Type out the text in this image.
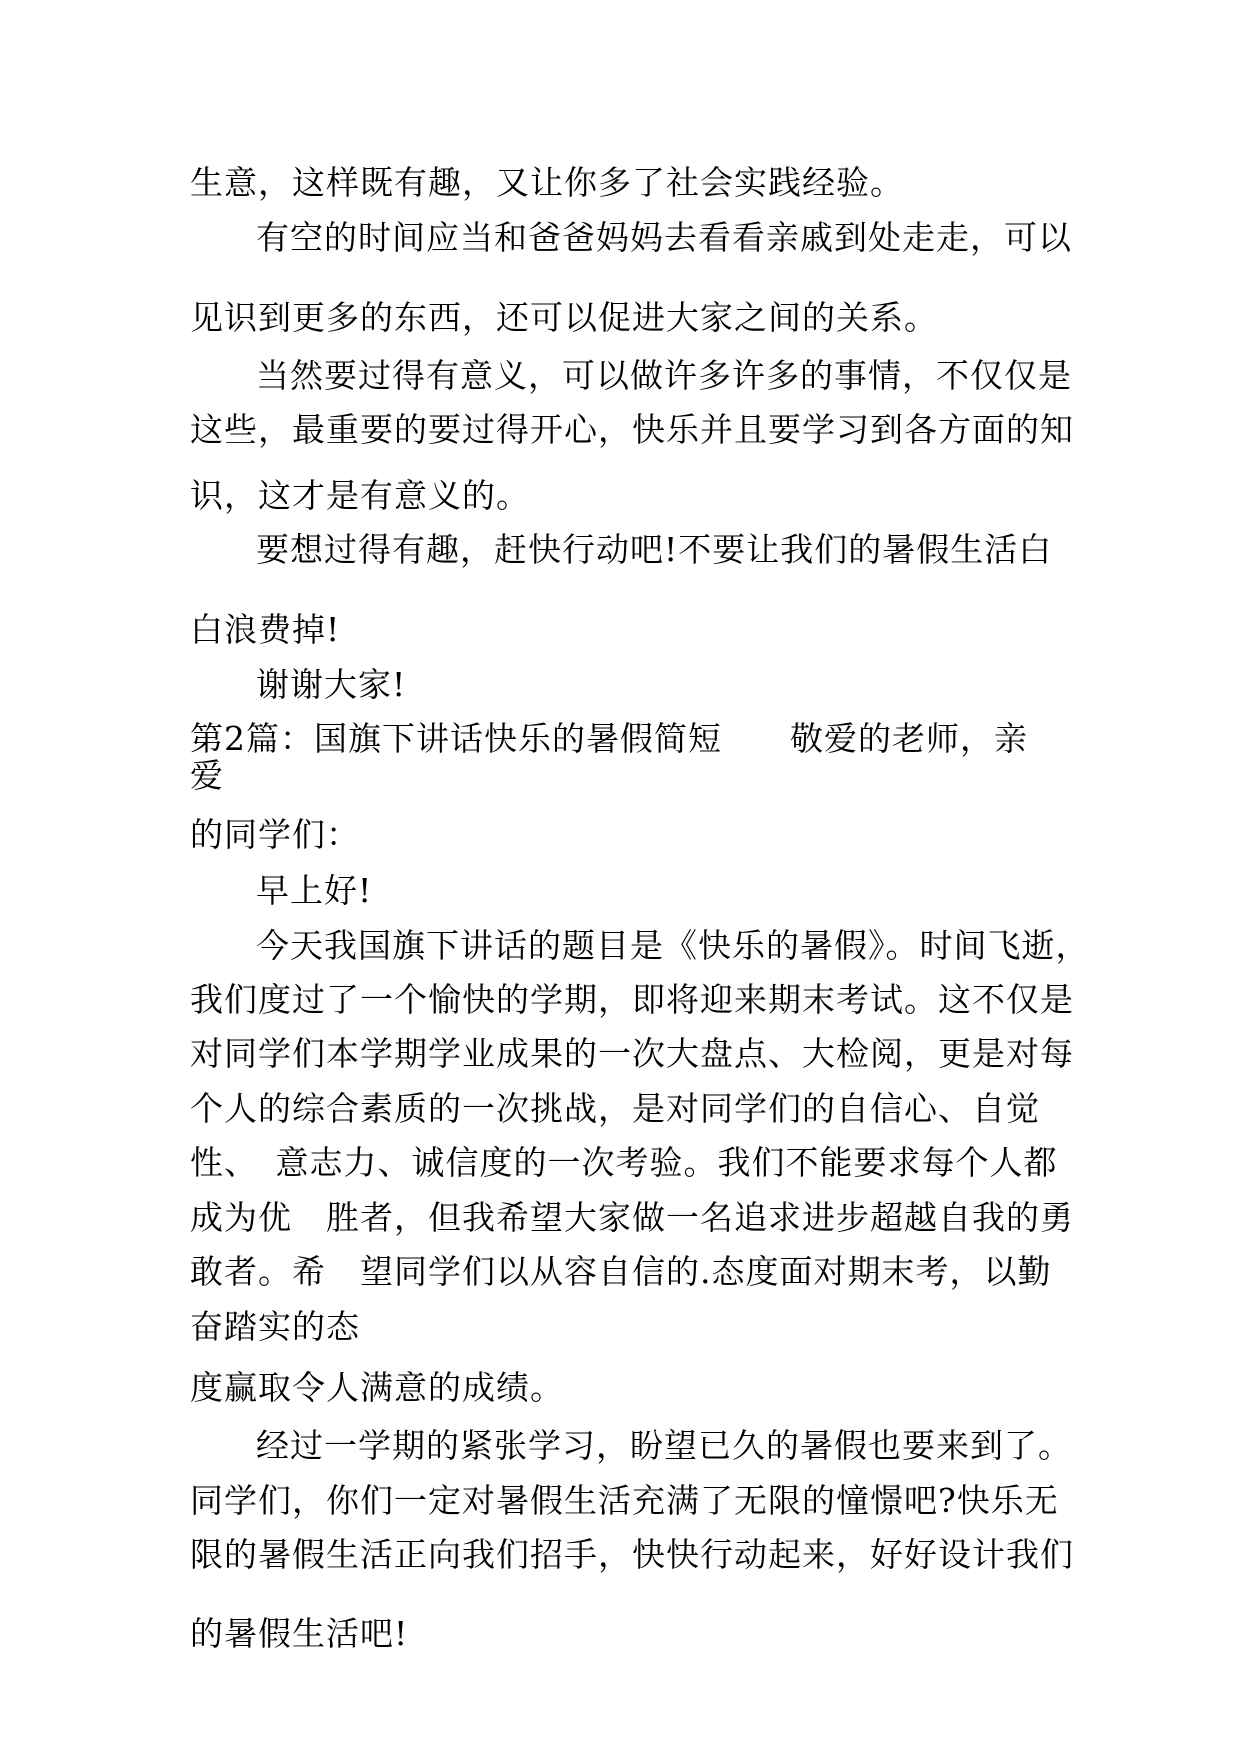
生意，这样既有趣，又让你多了社会实践经验。
有空的时间应当和爸爸妈妈去看看亲戚到处走走，可以
见识到更多的东西，还可以促进大家之间的关系。
当然要过得有意义，可以做许多许多的事情，不仅仅是
这些，最重要的要过得开心，快乐并且要学习到各方面的知
识，这才是有意义的。
要想过得有趣，赶快行动吧!不要让我们的暑假生活白
白浪费掉!
谢谢大家!
第2篇：国旗下讲话快乐的暑假简短　　敬爱的老师，亲
爱
的同学们：
早上好!
今天我国旗下讲话的题目是《快乐的暑假》。时间飞逝，
我们度过了一个愉快的学期，即将迎来期末考试。这不仅是
对同学们本学期学业成果的一次大盘点、大检阅，更是对每
个人的综合素质的一次挑战，是对同学们的自信心、自觉
性、　意志力、诚信度的一次考验。我们不能要求每个人都
成为优　胜者，但我希望大家做一名追求进步超越自我的勇
敢者。希　望同学们以从容自信的.态度面对期末考，以勤
奋踏实的态
度赢取令人满意的成绩。
经过一学期的紧张学习，盼望已久的暑假也要来到了。
同学们，你们一定对暑假生活充满了无限的憧憬吧?快乐无
限的暑假生活正向我们招手，快快行动起来，好好设计我们
的暑假生活吧!
